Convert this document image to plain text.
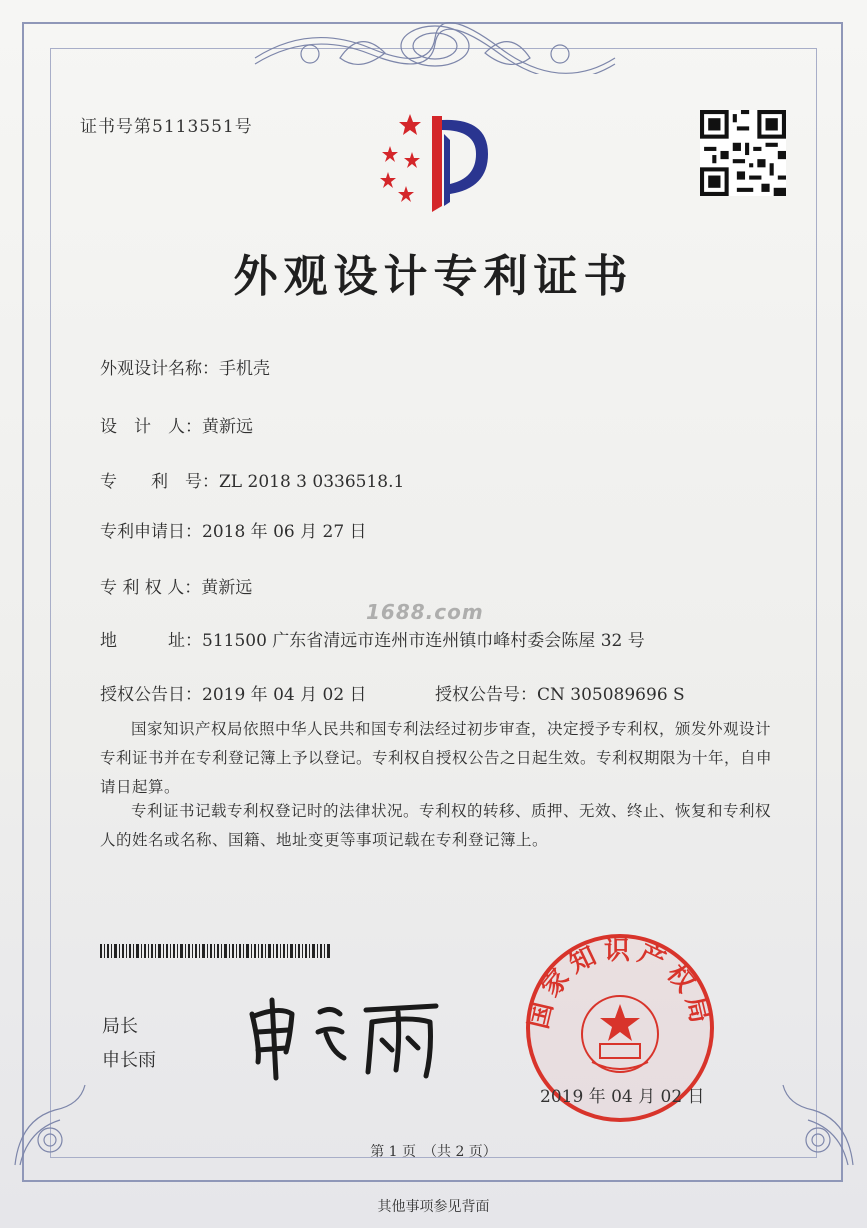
证书号第5113551号
外观设计专利证书
外观设计名称：手机壳
设　计　人：黄新远
专　　利　号：ZL 2018 3 0336518.1
专利申请日：2018 年 06 月 27 日
专 利 权 人：黄新远
地　　　址：511500 广东省清远市连州市连州镇巾峰村委会陈屋 32 号
授权公告日：2019 年 04 月 02 日	授权公告号：CN 305089696 S
1688.com
国家知识产权局依照中华人民共和国专利法经过初步审查，决定授予专利权，颁发外观设计专利证书并在专利登记簿上予以登记。专利权自授权公告之日起生效。专利权期限为十年，自申请日起算。
专利证书记载专利权登记时的法律状况。专利权的转移、质押、无效、终止、恢复和专利权人的姓名或名称、国籍、地址变更等事项记载在专利登记簿上。
局长
申长雨
国家知识产权局
2019 年 04 月 02 日
第 1 页　（共 2 页）
其他事项参见背面
